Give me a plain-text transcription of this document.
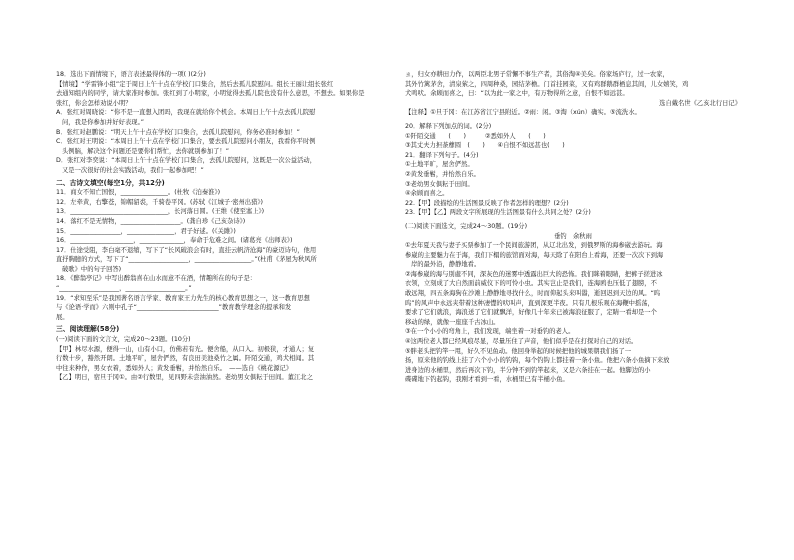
18．选出下面情境下，语言表述最得体的一项( )(2分)
【情境】“学雷锋小组”定于周日上午十点在学校门口集合，然后去孤儿院慰问。组长王丽让组长张红
去通知组内的同学，请大家准时参加。张红到了小明家，小明觉得去孤儿院也没有什么意思，不想去。如果你是
张红，你会怎样劝说小明？
A．张红对周晓说：“你不是一直想入团吗，我现在就给你个机会。本周日上午十点去孤儿院慰
问，我是你参加并好好表现。”
B．张红对赵鹏说：“明天上午十点在学校门口集合，去孤儿院慰问，你务必准时参加！”
C．张红对王明说：“本周日上午十点在学校门口集合，要去孤儿院慰问小朋友，我看你平时例
头例脑，解决这个问题还是要你们帮忙，去你就别参加了！”
D．张红对李奕说：“本周日上午十点在学校门口集合，去孤儿院慰问，这既是一次公益活动，
又是一次很好的社会实践活动，我们一起参加吧！”
二、古诗文填空(每空1分，共12分)
11．商女不知亡国恨，_______________。(杜牧《泊秦淮》)
12．左牵黄，右擎苍，锦帽貂裘，千骑卷平冈。(苏轼《江城子·密州出猎》)
13．_______________________________，长河落日圆。(王维《使至塞上》)
14．落红不是无情物，___________________。(龚自珍《己亥杂诗》)
15．________________，_______________，君子好逑。(《关雎》)
16．____________________，______________，奉命于危难之间。(诸葛亮《出师表》)
17．仕途受阻，李白毫不退缩，写下了“长风破浪会有时，直挂云帆济沧海”的豪迈诗句，他用
直抒胸臆的方式，写下了“___________________，__________________。”(杜甫《茅屋为秋风所
破歌》中的句子回答)
18．《醉翁亭记》中写出醉翁喜在山水而意不在酒，情趣所在的句子是：
“___________________，___________________。”
19．“求知至乐”是我国著名语言学家、教育家王力先生的核心教育思想之一，这一教育思想
与《论语·学而》六则中孔子“__________________________”教育教学理念的提承和发
展。
三、阅读理解(58分)
(一)阅读下面的文言文，完成20～23题。(10分)
【甲】林尽水源，便得一山，山有小口，仿佛若有光。便舍船，从口入。初极狭，才通人；复
行数十步，豁然开朗。土地平旷，屋舍俨然，有良田美池桑竹之属。阡陌交通，鸡犬相闻。其
中往来种作，男女衣着，悉如外人；黄发垂髫，并怡然自乐。　——选自《桃花源记》
【乙】明日，宿旦于冈①。由②行数里，见四野未尝油油然。老幼男女俱耘于田间。董江北之
ㄓ，归女亦耕田力作，以两臣北男子常懈不事生产者，其俗淘④美矣。俗家场庐行，过一农家，
其外竹篱茅舍，清泉萦之，四周种桑，园结茅檐。门首挂园菜，又有鸡群鹅群栖息其间，儿女嬉笑，鸡
犬鸣吠。余顾而喜之，曰：“以为此一家之中，有万物得所之意，自恨不如远甚。
选自戴名世《乙亥北行日记》
【注释】①旦于冈：在江苏省江宁县附近。②雨：闲。③淘（xún）确实。⑤流洗水。
20．解释下列加点的词。(2分)
①阡陌交通　　(　　)　　　②悉如外人　　(　　)
③其丈夫力担荼蘼圆　(　　)　　④自恨不如远甚也(　　)
21．翻译下列句子。(4分)
①土地平旷，屋舍俨然。
②黄发垂髫，并怡然自乐。
③老幼男女俱耘于田间。
④余顾而喜之。
22.【甲】段描绘的生活图景反映了作者怎样的理想？(2分)
23.【甲】【乙】两段文字所展现的生活图景有什么共同之处？(2分)
(二)阅读下面选文，完成24～30题。(19分)
垂钓　余秋雨
①去年夏天我与妻子买票参加了一个民间旅游团，从辽北出发，到俄罗斯的海参崴去游玩。海
参崴的主要魅力在于海，我们下榻的旅馆面对海，每天除了在阳台上看海，还要一次次下到海
岸的最外沿，静静地看。
②海参崴的海与別處不同，深灰色的迷雾中透露出巨大的恐怖。我们眯着眼睛，把裤子搓进冰
衣领，立刻成了大自然面前威仪下的可怜小虫。其实岂止是我们，连海鸥也压低了翅膀，不
敢远翔，四五条海狗在沙滩上静静地寻找什么，时而仰起头来叫嚣，逝回迟到天边的风。“呜
呜”的风声中永远夹带着这种凄憷的吠叫声，直到深更半夜。只有几根乐观在海鞭中摇荡，
要求了它们就浪，海浪送了它们就飘洋，好像几十年来已被海浪征服了，定睛一看却是一个
移动的绿，就像一座座千古冰山。
③在一个小小的弯角上，我们发现，端坐着一对垂钓的老人。
④这两位老人都已经风痕尽显，尽量压住了声音，他们似乎是在打探对自己的对话。
⑤胖老头把钓竿一甩，好久不见鱼动。他回身举起的时候把他的城果朝我们扬了一
扬，原来他的钓线上挂了六个小小的钓钩，每个钓钩上都挂着一条小鱼。他把六条小鱼摘下来放
进身边的水桶里，然后再次下钓，半分钟不到钓竿起来，又是六条挂在一起。他脚边的小
碟碟地下钓起钩，我刚才看到一看，水桶里已有半桶小鱼。
